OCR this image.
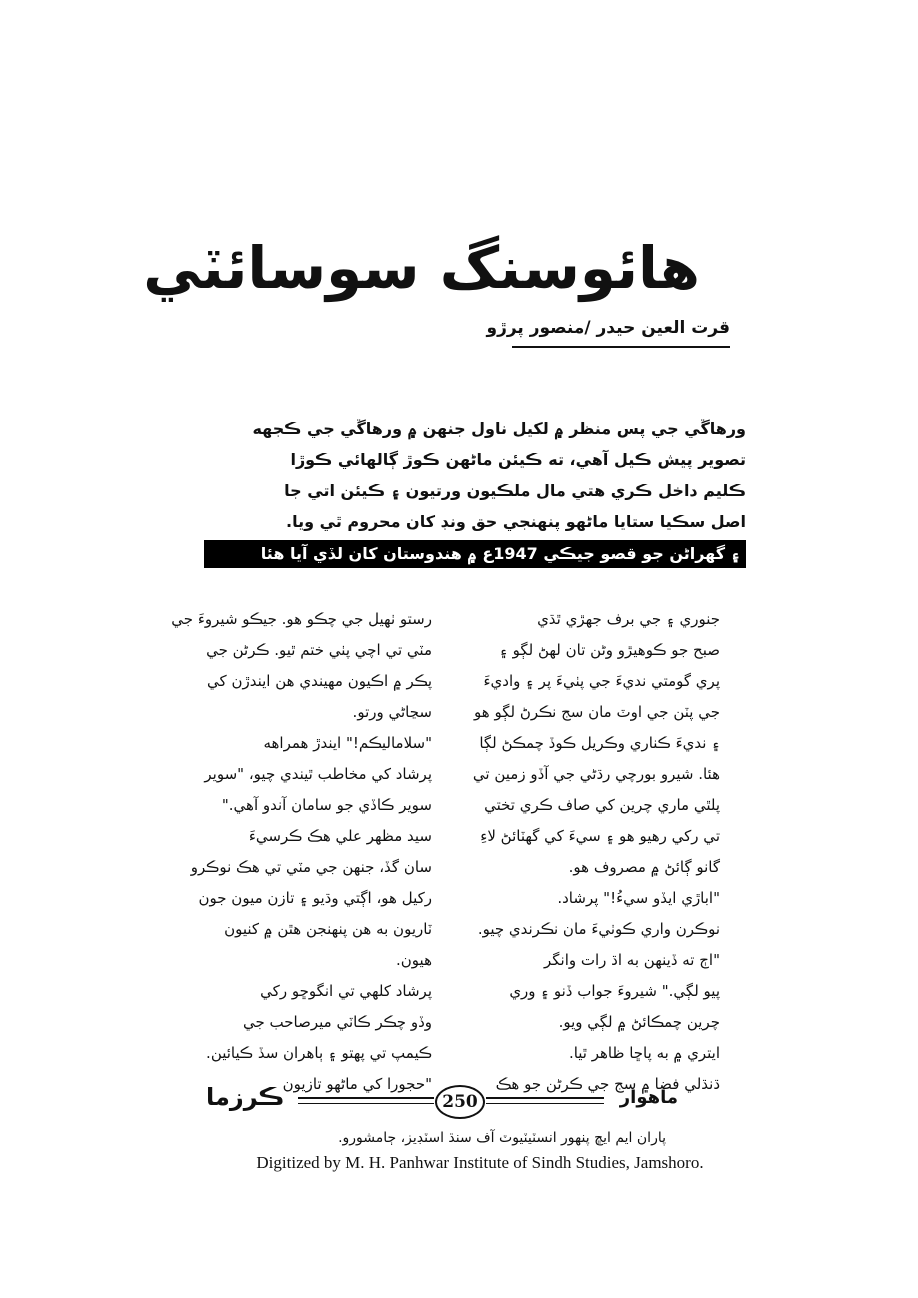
هائوسنگ سوسائٽي
قرت العين حيدر /منصور پرڙو

ورهاڱي جي پس منظر ۾ لکيل ناول جنهن ۾ ورهاڱي جي ڪجهه

تصوير پيش ڪيل آهي، ته ڪيئن ماڻهن ڪوڙ ڳالهائي ڪوڙا

ڪليم داخل ڪري هتي مال ملڪيون ورتيون ۽ ڪيئن اتي جا

اصل سڪيا ستايا ماڻهو پنهنجي حق ونڊ کان محروم ٿي ويا.

۽ گهراڻن جو قصو جيڪي 1947ع ۾ هندوستان کان لڏي آيا هئا

جنوري ۽ جي برف جهڙي ٿڌي

صبح جو ڪوهيڙو وڻن تان لهڻ لڳو ۽

پري گومتي نديءَ جي پٺيءَ پر ۽ واديءَ

جي پٽن جي اوٽ مان سج نڪرڻ لڳو هو

۽ نديءَ ڪناري وڪريل ڪوڏ چمڪڻ لڳا

هئا. شيرو بورچي رڌڻي جي آڏو زمين تي

پلٿي ماري چرين کي صاف ڪري تختي

تي رکي رهيو هو ۽ سيءَ کي گهٽائڻ لاءِ

گانو ڳائڻ ۾ مصروف هو.

"اباڙي ايڏو سيءُ!" پرشاد.

نوڪرن واري ڪوٺيءَ مان نڪرندي چيو.

"اڄ ته ڏينهن به اڌ رات وانگر

پيو لڳي." شيروءَ جواب ڏنو ۽ وري

چرين چمڪائڻ ۾ لڳي ويو.

ايتري ۾ به پاڇا ظاهر ٿيا.

ڌنڌلي فضا ۾ سج جي ڪرڻن جو هڪ

رستو ٺهيل جي چڪو هو. جيڪو شيروءَ جي

مٽي تي اچي پٺي ختم ٿيو. ڪرڻن جي

پڪر ۾ اڪيون مهيندي هن ايندڙن کي

سڃاڻي ورتو.

"سلاماليڪم!" ايندڙ همراهه

پرشاد کي مخاطب ٿيندي چيو، "سوير

سوير ڪاڏي جو سامان آندو آهي."

سيد مظهر علي هڪ ڪرسيءَ

سان گڏ، جنهن جي مٽي تي هڪ نوڪرو

رکيل هو، اڳتي وڌيو ۽ تازن ميون جون

ٽاريون به هن پنهنجن هٿن ۾ کنيون

هيون.

پرشاد کلهي تي انگوڇو رکي

وڏو چڪر ڪاٽي ميرصاحب جي

ڪيمپ تي پهتو ۽ ٻاهران سڏ ڪيائين.

"حجورا کي ماڻهو تازيون

ڪرزما	250	ماهوار
پاران ايم ايڇ پنهور انسٽيٽيوٽ آف سنڌ اسٽڊيز، ڄامشورو.
Digitized by M. H. Panhwar Institute of Sindh Studies, Jamshoro.
